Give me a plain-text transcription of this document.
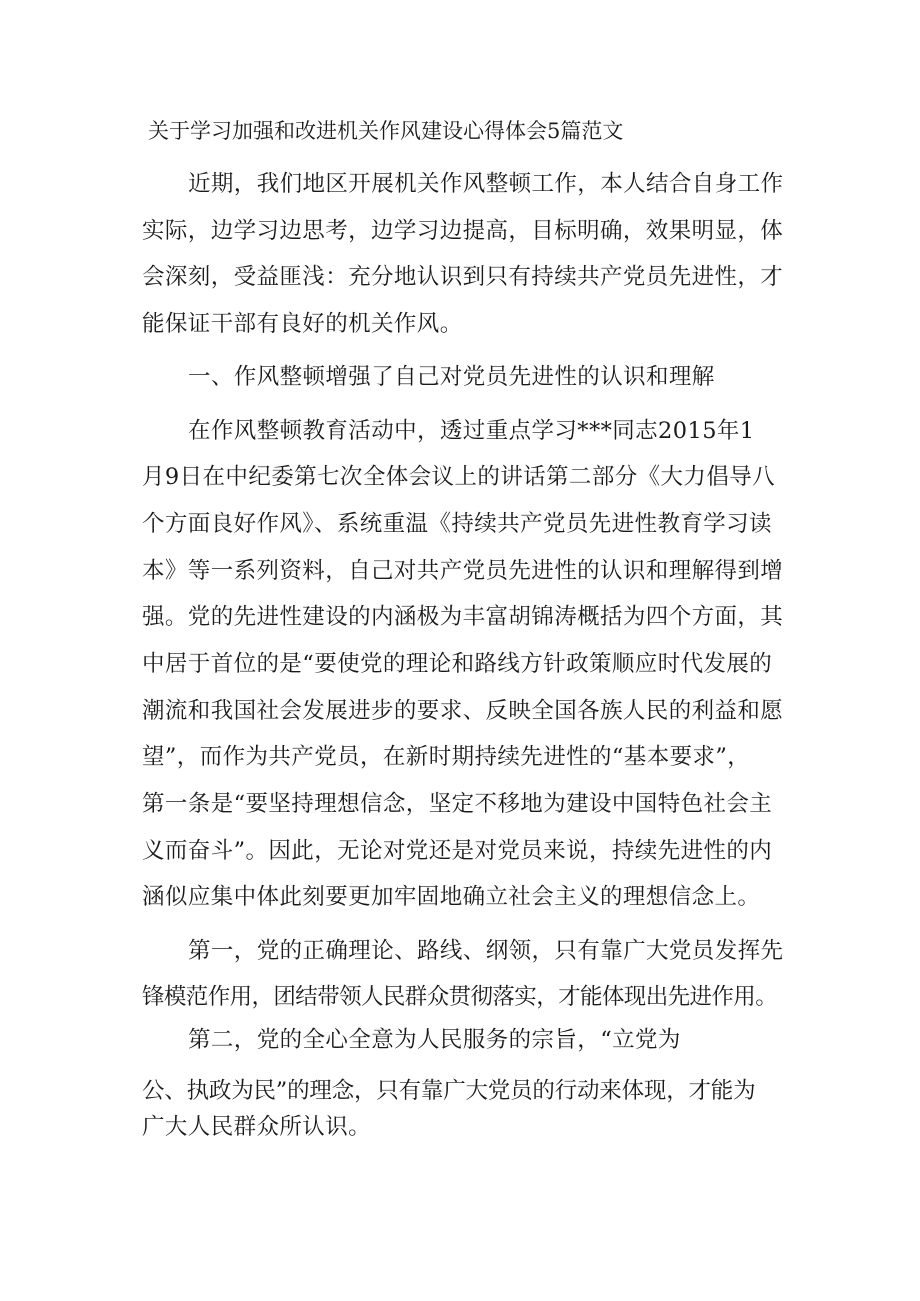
关于学习加强和改进机关作风建设心得体会5篇范文
近期，我们地区开展机关作风整顿工作，本人结合自身工作
实际，边学习边思考，边学习边提高，目标明确，效果明显，体
会深刻，受益匪浅：充分地认识到只有持续共产党员先进性，才
能保证干部有良好的机关作风。
一、作风整顿增强了自己对党员先进性的认识和理解
在作风整顿教育活动中，透过重点学习***同志2015年1
月9日在中纪委第七次全体会议上的讲话第二部分《大力倡导八
个方面良好作风》、系统重温《持续共产党员先进性教育学习读
本》等一系列资料，自己对共产党员先进性的认识和理解得到增
强。党的先进性建设的内涵极为丰富胡锦涛概括为四个方面，其
中居于首位的是“要使党的理论和路线方针政策顺应时代发展的
潮流和我国社会发展进步的要求、反映全国各族人民的利益和愿
望”，而作为共产党员，在新时期持续先进性的“基本要求”，
第一条是“要坚持理想信念，坚定不移地为建设中国特色社会主
义而奋斗”。因此，无论对党还是对党员来说，持续先进性的内
涵似应集中体此刻要更加牢固地确立社会主义的理想信念上。
第一，党的正确理论、路线、纲领，只有靠广大党员发挥先
锋模范作用，团结带领人民群众贯彻落实，才能体现出先进作用。
第二，党的全心全意为人民服务的宗旨，“立党为
公、执政为民”的理念，只有靠广大党员的行动来体现，才能为
广大人民群众所认识。
